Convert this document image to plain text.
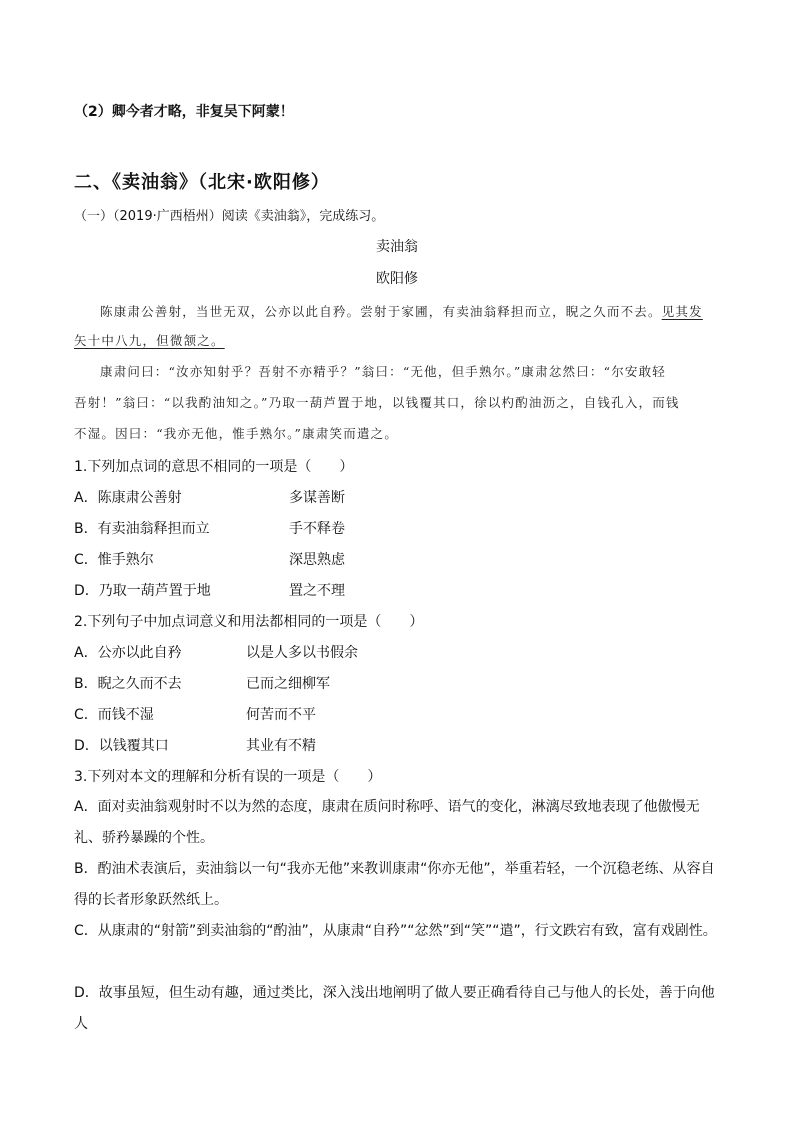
（2）卿今者才略，非复吴下阿蒙！
二、《卖油翁》（北宋·欧阳修）
（一）（2019·广西梧州）阅读《卖油翁》，完成练习。
卖油翁
欧阳修
陈康肃公善射，当世无双，公亦以此自矜。尝射于家圃，有卖油翁释担而立，睨之久而不去。见其发
矢十中八九，但微颔之。
康肃问曰：“汝亦知射乎？吾射不亦精乎？”翁曰：“无他，但手熟尔。”康肃忿然曰：“尔安敢轻
吾射！”翁曰：“以我酌油知之。”乃取一葫芦置于地，以钱覆其口，徐以杓酌油沥之，自钱孔入，而钱
不湿。因曰：“我亦无他，惟手熟尔。”康肃笑而遣之。
1.下列加点词的意思不相同的一项是（　　）
A．陈康肃公善射	多谋善断
B．有卖油翁释担而立	手不释卷
C．惟手熟尔	深思熟虑
D．乃取一葫芦置于地	置之不理
2.下列句子中加点词意义和用法都相同的一项是（　　）
A．公亦以此自矜	以是人多以书假余
B．睨之久而不去	已而之细柳军
C．而钱不湿	何苦而不平
D．以钱覆其口	其业有不精
3.下列对本文的理解和分析有误的一项是（　　）
A．面对卖油翁观射时不以为然的态度，康肃在质问时称呼、语气的变化，淋漓尽致地表现了他傲慢无礼、骄矜暴躁的个性。
B．酌油术表演后，卖油翁以一句“我亦无他”来教训康肃“你亦无他”，举重若轻，一个沉稳老练、从容自得的长者形象跃然纸上。
C．从康肃的“射箭”到卖油翁的“酌油”，从康肃“自矜”“忿然”到“笑”“遣”，行文跌宕有致，富有戏剧性。
D．故事虽短，但生动有趣，通过类比，深入浅出地阐明了做人要正确看待自己与他人的长处，善于向他人
